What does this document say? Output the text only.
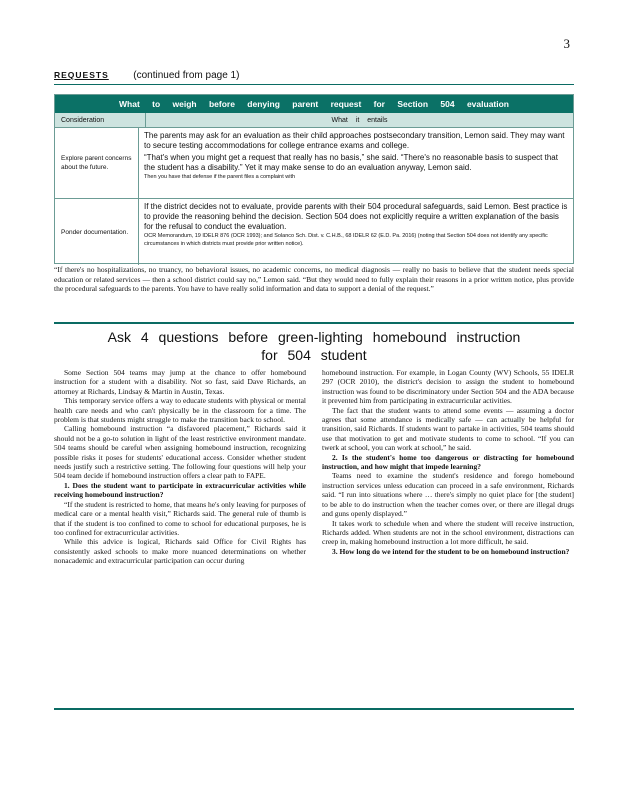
3
REQUESTS (continued from page 1)
What to weigh before denying parent request for Section 504 evaluation
Consideration	What it entails
Explore parent concerns about the future.
The parents may ask for an evaluation as their child approaches postsecondary transition, Lemon said. They may want to secure testing accommodations for college entrance exams and college.
“That's when you might get a request that really has no basis,” she said. “There's no reasonable basis to suspect that the student has a disability.” Yet it may make sense to do an evaluation anyway, Lemon said.
Then you have that defense if the parent files a complaint with
Ponder documentation.
If the district decides not to evaluate, provide parents with their 504 procedural safeguards, said Lemon. Best practice is to provide the reasoning behind the decision. Section 504 does not explicitly require a written explanation of the basis for the refusal to conduct the evaluation.
OCR Memorandum, 19 IDELR 876 (OCR 1993); and Solanco Sch. Dist. v. C.H.B., 68 IDELR 62 (E.D. Pa. 2016) (noting that Section 504 does not identify any specific circumstances in which districts must provide prior written notice).
“If there's no hospitalizations, no truancy, no behavioral issues, no academic concerns, no medical diagnosis — really no basis to believe that the student needs special education or related services — then a school district could say no,” Lemon said. “But they would need to fully explain their reasons in a prior written notice, plus provide the procedural safeguards to the parents. You have to have really solid information and data to support a denial of the request.”
Ask 4 questions before green-lighting homebound instruction
for 504 student

Some Section 504 teams may jump at the chance to offer homebound instruction for a student with a disability. Not so fast, said Dave Richards, an attorney at Richards, Lindsay & Martin in Austin, Texas.

This temporary service offers a way to educate students with physical or mental health care needs and who can't physically be in the classroom for a time. The problem is that students might struggle to make the transition back to school.

Calling homebound instruction “a disfavored placement,” Richards said it should not be a go-to solution in light of the least restrictive environment mandate. 504 teams should be careful when assigning homebound instruction, recognizing possible risks it poses for students' educational access. Consider whether student needs justify such a restrictive setting. The following four questions will help your 504 team decide if homebound instruction offers a clear path to FAPE.

1. Does the student want to participate in extracurricular activities while receiving homebound instruction?

“If the student is restricted to home, that means he's only leaving for purposes of medical care or a mental health visit,” Richards said. The general rule of thumb is that if the student is too confined to come to school for educational purposes, he is too confined for extracurricular activities.

While this advice is logical, Richards said Office for Civil Rights has consistently asked schools to make more nuanced determinations on whether nonacademic and extracurricular participation can occur during

homebound instruction. For example, in Logan County (WV) Schools, 55 IDELR 297 (OCR 2010), the district's decision to assign the student to homebound instruction was found to be discriminatory under Section 504 and the ADA because it prevented him from participating in extracurricular activities.

The fact that the student wants to attend some events — assuming a doctor agrees that some attendance is medically safe — can actually be helpful for transition, said Richards. If students want to partake in activities, 504 teams should use that motivation to get and motivate students to come to school. “If you can twerk at school, you can work at school,” he said.

2. Is the student's home too dangerous or distracting for homebound instruction, and how might that impede learning?

Teams need to examine the student's residence and forego homebound instruction services unless education can proceed in a safe environment, Richards said. “I run into situations where … there's simply no quiet place for [the student] to be able to do instruction when the teacher comes over, or there are illegal drugs and guns openly displayed.”

It takes work to schedule when and where the student will receive instruction, Richards added. When students are not in the school environment, distractions can creep in, making homebound instruction a lot more difficult, he said.

3. How long do we intend for the student to be on homebound instruction?
